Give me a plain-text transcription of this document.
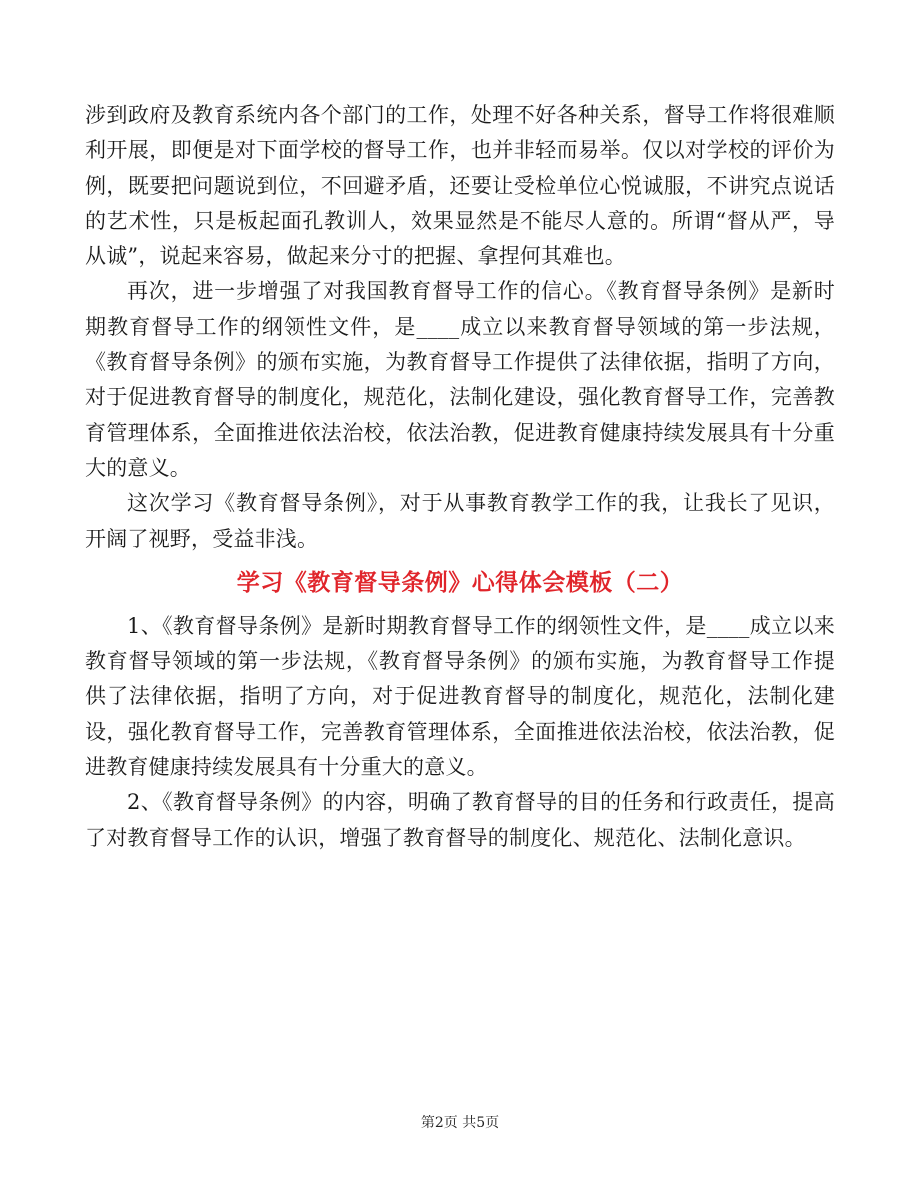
涉到政府及教育系统内各个部门的工作，处理不好各种关系，督导工作将很难顺利开展，即便是对下面学校的督导工作，也并非轻而易举。仅以对学校的评价为例，既要把问题说到位，不回避矛盾，还要让受检单位心悦诚服，不讲究点说话的艺术性，只是板起面孔教训人，效果显然是不能尽人意的。所谓“督从严，导从诚”，说起来容易，做起来分寸的把握、拿捏何其难也。

再次，进一步增强了对我国教育督导工作的信心。《教育督导条例》是新时期教育督导工作的纲领性文件，是____成立以来教育督导领域的第一步法规，《教育督导条例》的颁布实施，为教育督导工作提供了法律依据，指明了方向，对于促进教育督导的制度化，规范化，法制化建设，强化教育督导工作，完善教育管理体系，全面推进依法治校，依法治教，促进教育健康持续发展具有十分重大的意义。

这次学习《教育督导条例》，对于从事教育教学工作的我，让我长了见识，开阔了视野，受益非浅。

学习《教育督导条例》心得体会模板（二）

1、《教育督导条例》是新时期教育督导工作的纲领性文件，是____成立以来教育督导领域的第一步法规，《教育督导条例》的颁布实施，为教育督导工作提供了法律依据，指明了方向，对于促进教育督导的制度化，规范化，法制化建设，强化教育督导工作，完善教育管理体系，全面推进依法治校，依法治教，促进教育健康持续发展具有十分重大的意义。

2、《教育督导条例》的内容，明确了教育督导的目的任务和行政责任，提高了对教育督导工作的认识，增强了教育督导的制度化、规范化、法制化意识。

第2页 共5页
